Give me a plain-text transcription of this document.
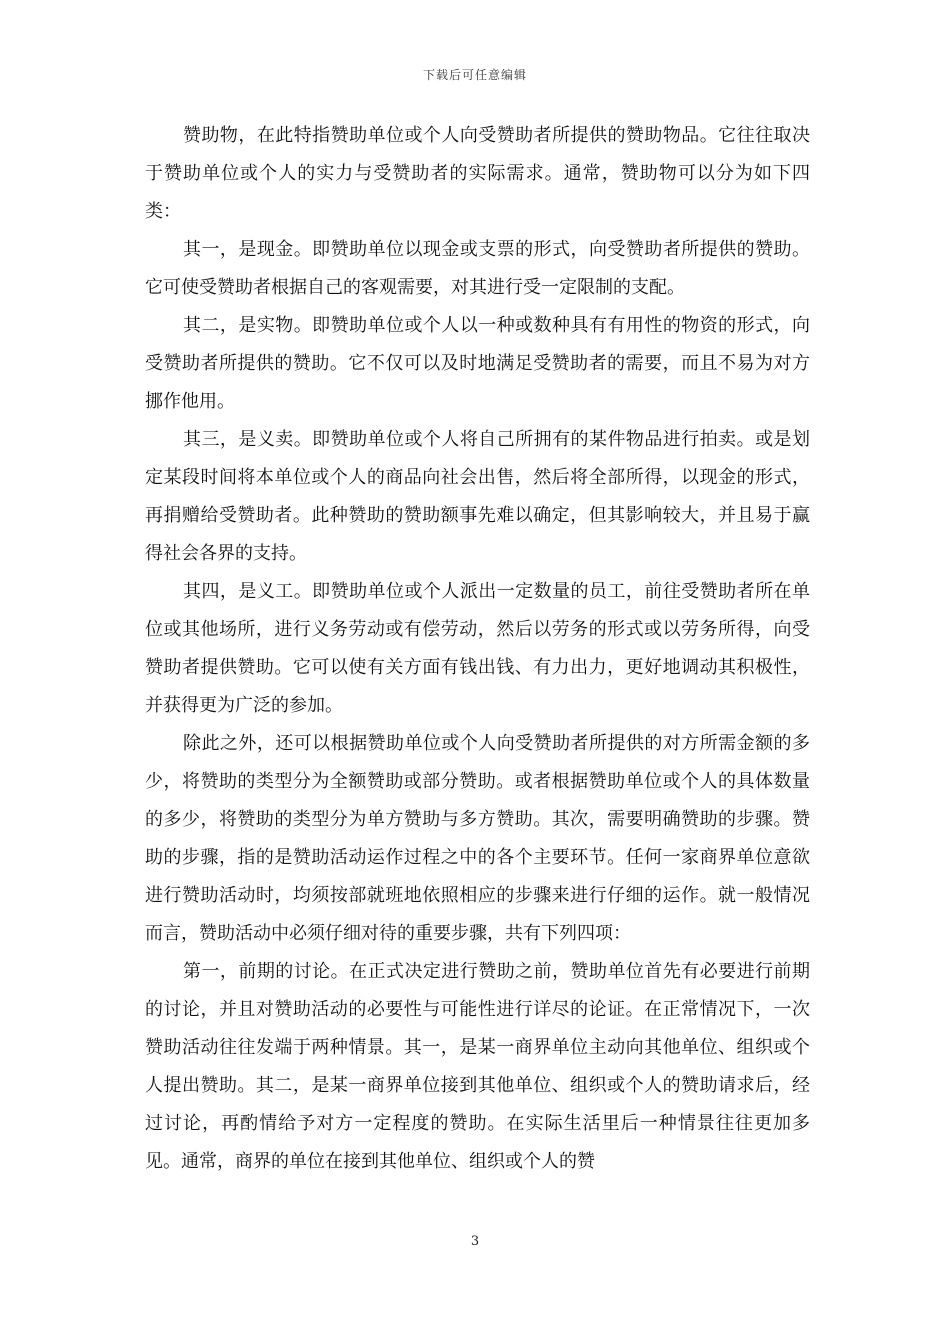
下载后可任意编辑

赞助物，在此特指赞助单位或个人向受赞助者所提供的赞助物品。它往往取决于赞助单位或个人的实力与受赞助者的实际需求。通常，赞助物可以分为如下四类：

其一，是现金。即赞助单位以现金或支票的形式，向受赞助者所提供的赞助。它可使受赞助者根据自己的客观需要，对其进行受一定限制的支配。

其二，是实物。即赞助单位或个人以一种或数种具有有用性的物资的形式，向受赞助者所提供的赞助。它不仅可以及时地满足受赞助者的需要，而且不易为对方挪作他用。

其三，是义卖。即赞助单位或个人将自己所拥有的某件物品进行拍卖。或是划定某段时间将本单位或个人的商品向社会出售，然后将全部所得，以现金的形式，再捐赠给受赞助者。此种赞助的赞助额事先难以确定，但其影响较大，并且易于赢得社会各界的支持。

其四，是义工。即赞助单位或个人派出一定数量的员工，前往受赞助者所在单位或其他场所，进行义务劳动或有偿劳动，然后以劳务的形式或以劳务所得，向受赞助者提供赞助。它可以使有关方面有钱出钱、有力出力，更好地调动其积极性，并获得更为广泛的参加。

除此之外，还可以根据赞助单位或个人向受赞助者所提供的对方所需金额的多少，将赞助的类型分为全额赞助或部分赞助。或者根据赞助单位或个人的具体数量的多少，将赞助的类型分为单方赞助与多方赞助。其次，需要明确赞助的步骤。赞助的步骤，指的是赞助活动运作过程之中的各个主要环节。任何一家商界单位意欲进行赞助活动时，均须按部就班地依照相应的步骤来进行仔细的运作。就一般情况而言，赞助活动中必须仔细对待的重要步骤，共有下列四项：

第一，前期的讨论。在正式决定进行赞助之前，赞助单位首先有必要进行前期的讨论，并且对赞助活动的必要性与可能性进行详尽的论证。在正常情况下，一次赞助活动往往发端于两种情景。其一，是某一商界单位主动向其他单位、组织或个人提出赞助。其二，是某一商界单位接到其他单位、组织或个人的赞助请求后，经过讨论，再酌情给予对方一定程度的赞助。在实际生活里后一种情景往往更加多见。通常，商界的单位在接到其他单位、组织或个人的赞

3
